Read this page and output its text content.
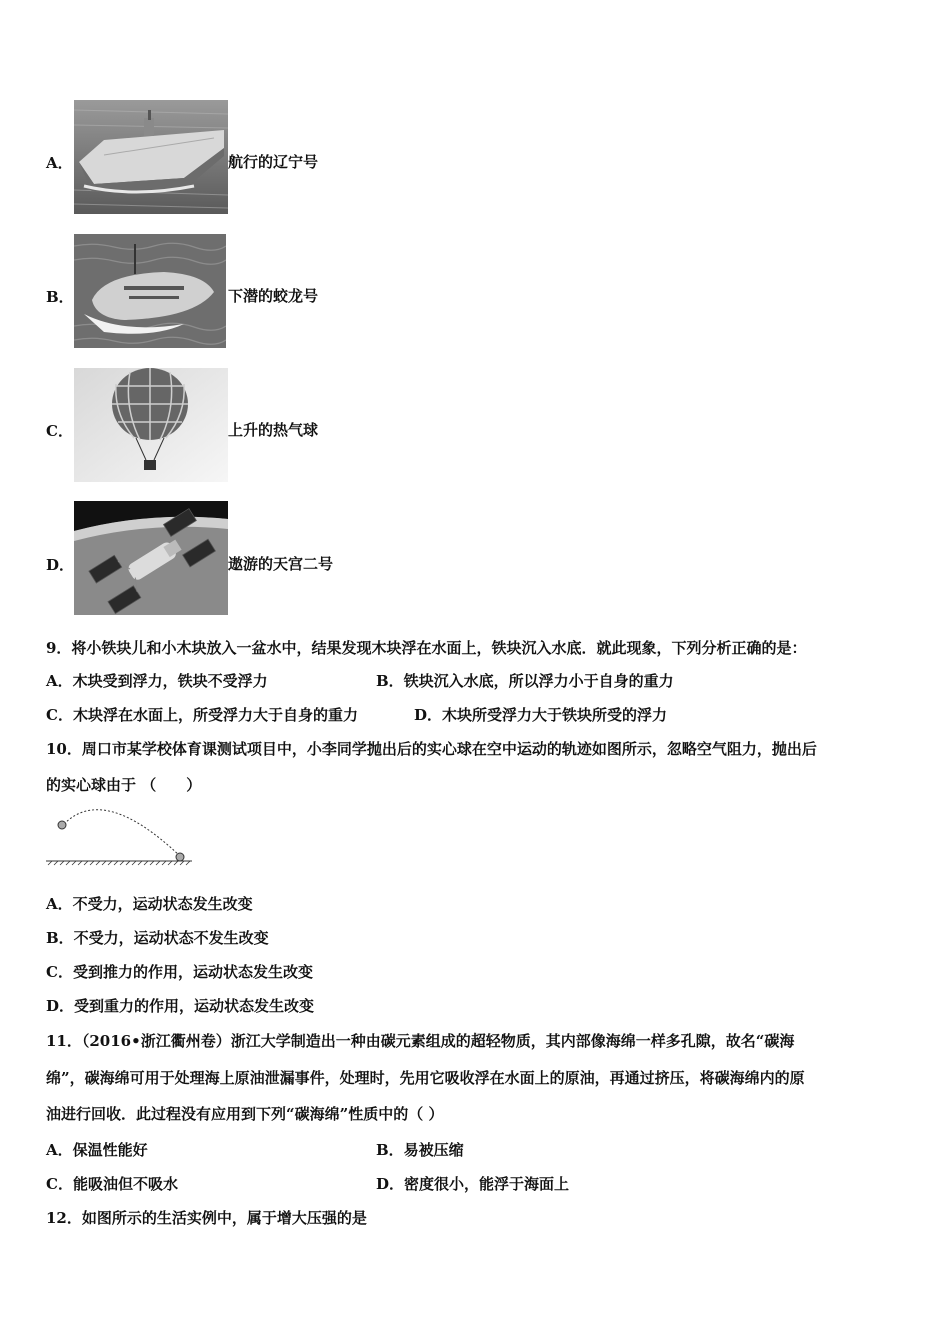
A．	航行的辽宁号
B．	下潜的蛟龙号
C．	上升的热气球
D．	遨游的天宫二号
9．将小铁块儿和小木块放入一盆水中，结果发现木块浮在水面上，铁块沉入水底．就此现象，下列分析正确的是：
A．木块受到浮力，铁块不受浮力	B．铁块沉入水底，所以浮力小于自身的重力
C．木块浮在水面上，所受浮力大于自身的重力	D．木块所受浮力大于铁块所受的浮力
10．周口市某学校体育课测试项目中，小李同学抛出后的实心球在空中运动的轨迹如图所示，忽略空气阻力，抛出后
的实心球由于 （　　）
A．不受力，运动状态发生改变
B．不受力，运动状态不发生改变
C．受到推力的作用，运动状态发生改变
D．受到重力的作用，运动状态发生改变
11．（2016•浙江衢州卷）浙江大学制造出一种由碳元素组成的超轻物质，其内部像海绵一样多孔隙，故名“碳海
绵”，碳海绵可用于处理海上原油泄漏事件，处理时，先用它吸收浮在水面上的原油，再通过挤压，将碳海绵内的原
油进行回收．此过程没有应用到下列“碳海绵”性质中的（ ）
A．保温性能好	B．易被压缩
C．能吸油但不吸水	D．密度很小，能浮于海面上
12．如图所示的生活实例中，属于增大压强的是
